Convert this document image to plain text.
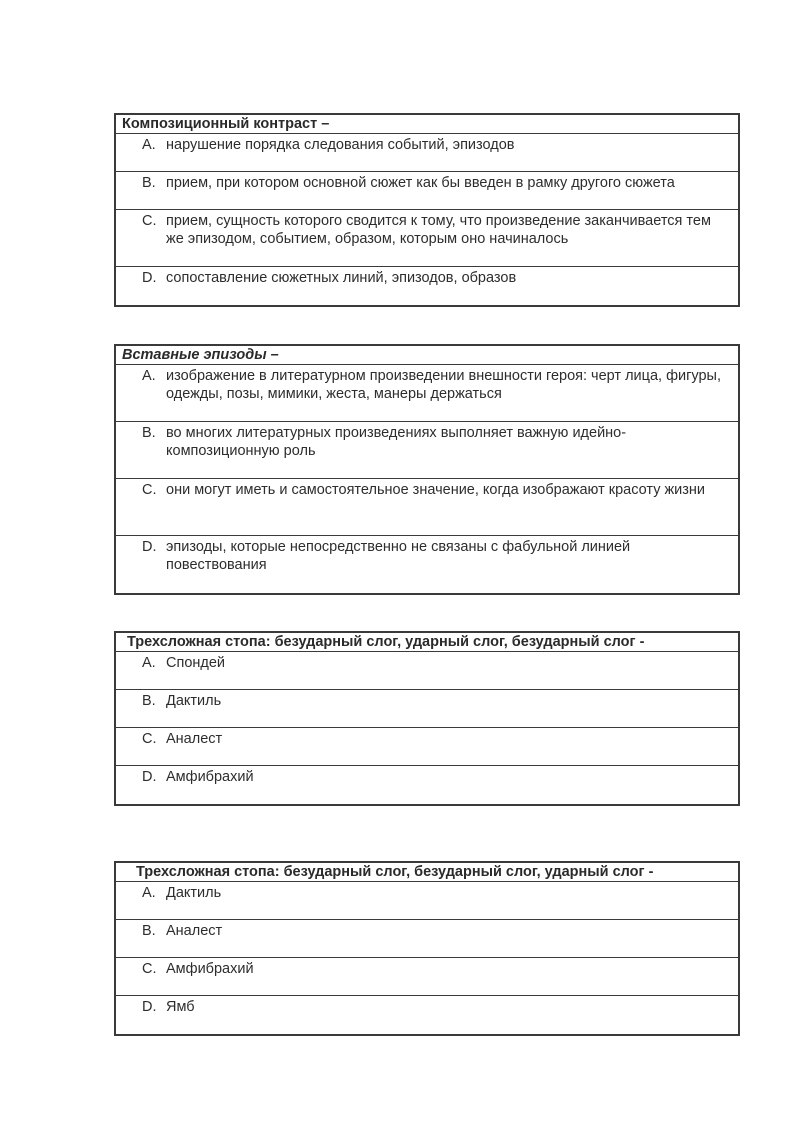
Композиционный контраст –
A. нарушение порядка следования событий, эпизодов
B. прием, при котором основной сюжет как бы введен в рамку другого сюжета
C. прием, сущность которого сводится к тому, что произведение заканчивается тем же эпизодом, событием, образом, которым оно начиналось
D. сопоставление сюжетных линий, эпизодов, образов
Вставные эпизоды –
A. изображение в литературном произведении внешности героя: черт лица, фигуры, одежды, позы, мимики, жеста, манеры держаться
B. во многих литературных произведениях выполняет важную идейно-композиционную роль
C. они могут иметь и самостоятельное значение, когда изображают красоту жизни
D. эпизоды, которые непосредственно не связаны с фабульной линией повествования
Трехсложная стопа: безударный слог, ударный слог, безударный слог -
A. Спондей
B. Дактиль
C. Аналест
D. Амфибрахий
Трехсложная стопа: безударный слог, безударный слог, ударный слог -
A. Дактиль
B. Аналест
C. Амфибрахий
D. Ямб
